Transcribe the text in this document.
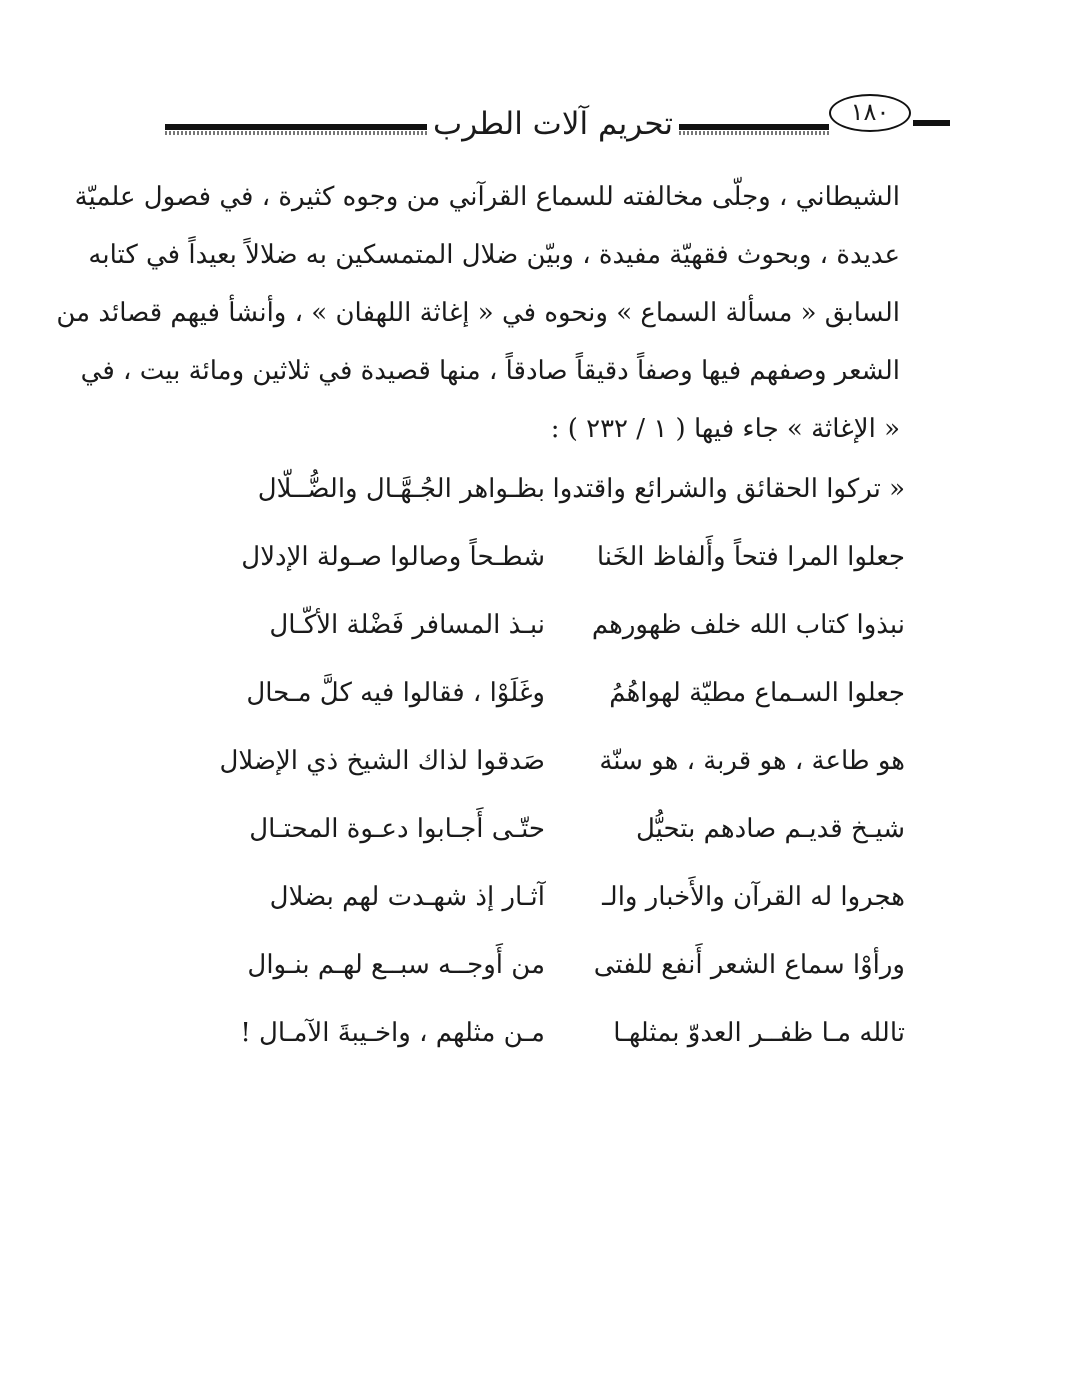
تحريم آلات الطرب	١٨٠
الشيطاني ، وجلّى مخالفته للسماع القرآني من وجوه كثيرة ، في فصول علميّة
عديدة ، وبحوث فقهيّة مفيدة ، وبيّن ضلال المتمسكين به ضلالاً بعيداً في كتابه
السابق « مسألة السماع » ونحوه في « إغاثة اللهفان » ، وأنشأ فيهم قصائد من
الشعر وصفهم فيها وصفاً دقيقاً صادقاً ، منها قصيدة في ثلاثين ومائة بيت ، في
« الإغاثة » جاء فيها ( ١ / ٢٣٢ ) :
« تركوا الحقائق والشرائع واقتدوا
بظـواهر الجُـهَّـال والضُّــلّال
جعلوا المرا فتحاً وأَلفاظ الخَنا
شطـحاً وصالوا صـولة الإدلال
نبذوا كتاب الله خلف ظهورهم
نبـذ المسافر فَضْلة الأكّـال
جعلوا السـماع مطيّة لهواهُمُ
وغَلَوْا ، فقالوا فيه كلَّ مـحال
هو طاعة ، هو قربة ، هو سنّة
صَدقوا لذاك الشيخ ذي الإضلال
شيـخ قديـم صادهم بتحيُّل
حتّـى أَجـابوا دعـوة المحتـال
هجروا له القرآن والأَخبار والـ
آثـار إذ شهـدت لهم بضلال
ورأوْا سماع الشعر أَنفع للفتى
من أَوجــه سبــع لهـم بنـوال
تالله مـا ظفــر العدوّ بمثلهـا
مـن مثلهم ، واخـيبةَ الآمـال !
